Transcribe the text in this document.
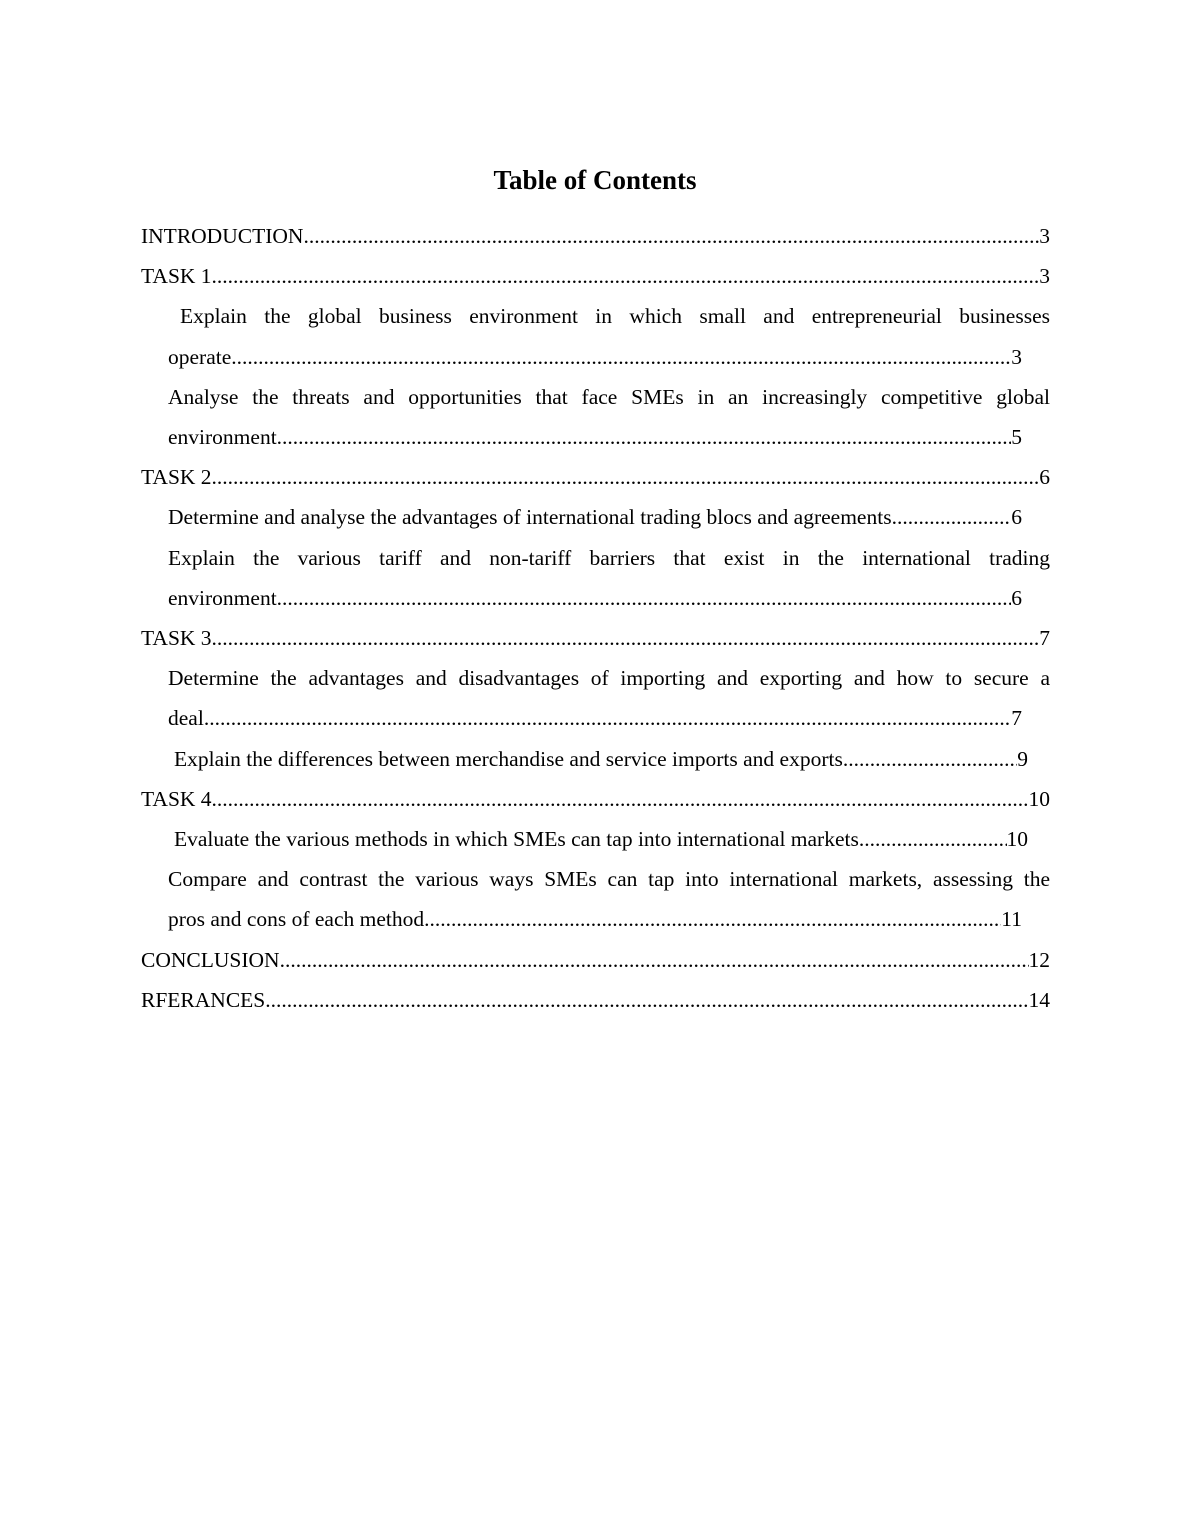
Table of Contents
INTRODUCTION .....	3
TASK 1 .....	3
Explain the global business environment in which small and entrepreneurial businesses
operate .....	3
Analyse the threats and opportunities that face SMEs in an increasingly competitive global
environment .....	5
TASK 2 .....	6
Determine and analyse the advantages of international trading blocs and agreements .....	6
Explain the various tariff and non-tariff barriers that exist in the international trading
environment .....	6
TASK 3 .....	7
Determine the advantages and disadvantages of importing and exporting and how to secure a
deal .....	7
Explain the differences between merchandise and service imports and exports .....	9
TASK 4 .....	10
Evaluate the various methods in which SMEs can tap into international markets .....	10
Compare and contrast the various ways SMEs can tap into international markets, assessing the
pros and cons of each method .....	11
CONCLUSION .....	12
RFERANCES .....	14
